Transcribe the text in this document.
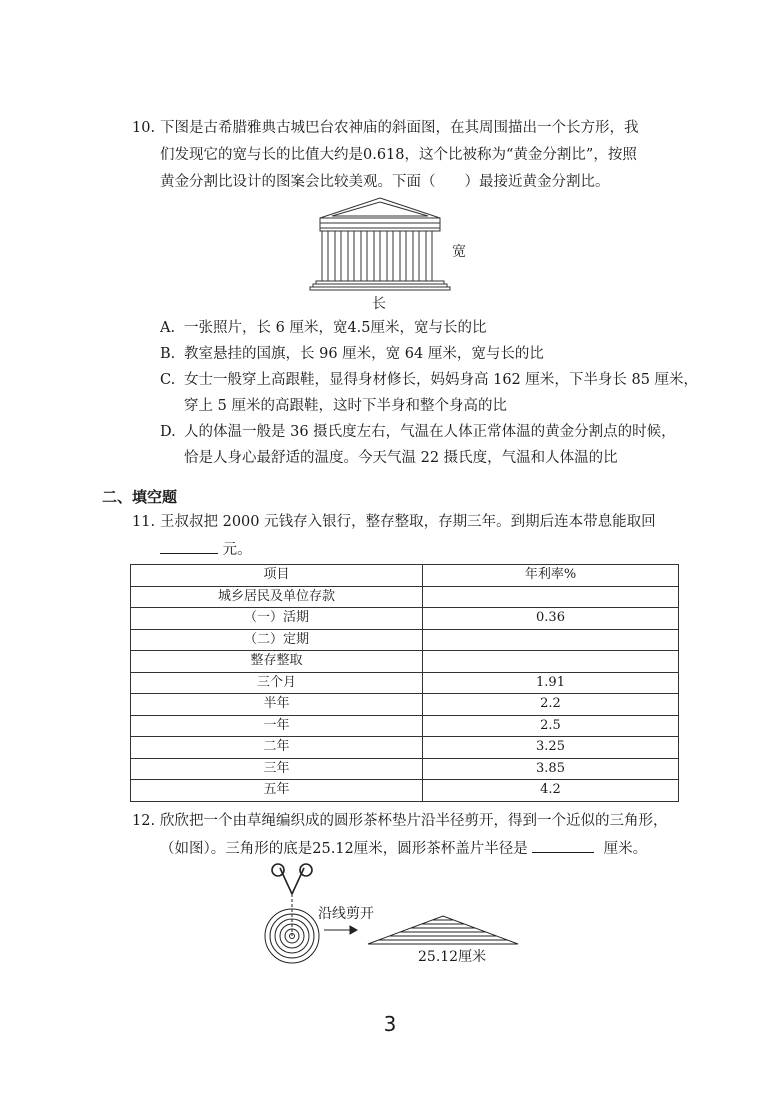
10. 下图是古希腊雅典古城巴台农神庙的斜面图，在其周围描出一个长方形，我
们发现它的宽与长的比值大约是0.618，这个比被称为“黄金分割比”，按照
黄金分割比设计的图案会比较美观。下面（　　）最接近黄金分割比。
宽
长
A. 一张照片，长 6 厘米，宽4.5厘米，宽与长的比
B. 教室悬挂的国旗，长 96 厘米，宽 64 厘米，宽与长的比
C. 女士一般穿上高跟鞋，显得身材修长，妈妈身高 162 厘米，下半身长 85 厘米，
穿上 5 厘米的高跟鞋，这时下半身和整个身高的比
D. 人的体温一般是 36 摄氏度左右，气温在人体正常体温的黄金分割点的时候，
恰是人身心最舒适的温度。今天气温 22 摄氏度，气温和人体温的比
二、填空题
11. 王叔叔把 2000 元钱存入银行，整存整取，存期三年。到期后连本带息能取回
元。
项目	年利率%
城乡居民及单位存款	
（一）活期	0.36
（二）定期	
整存整取	
三个月	1.91
半年	2.2
一年	2.5
二年	3.25
三年	3.85
五年	4.2
12. 欣欣把一个由草绳编织成的圆形茶杯垫片沿半径剪开，得到一个近似的三角形，
（如图）。三角形的底是25.12厘米，圆形茶杯盖片半径是	厘米。
沿线剪开
25.12厘米
3
